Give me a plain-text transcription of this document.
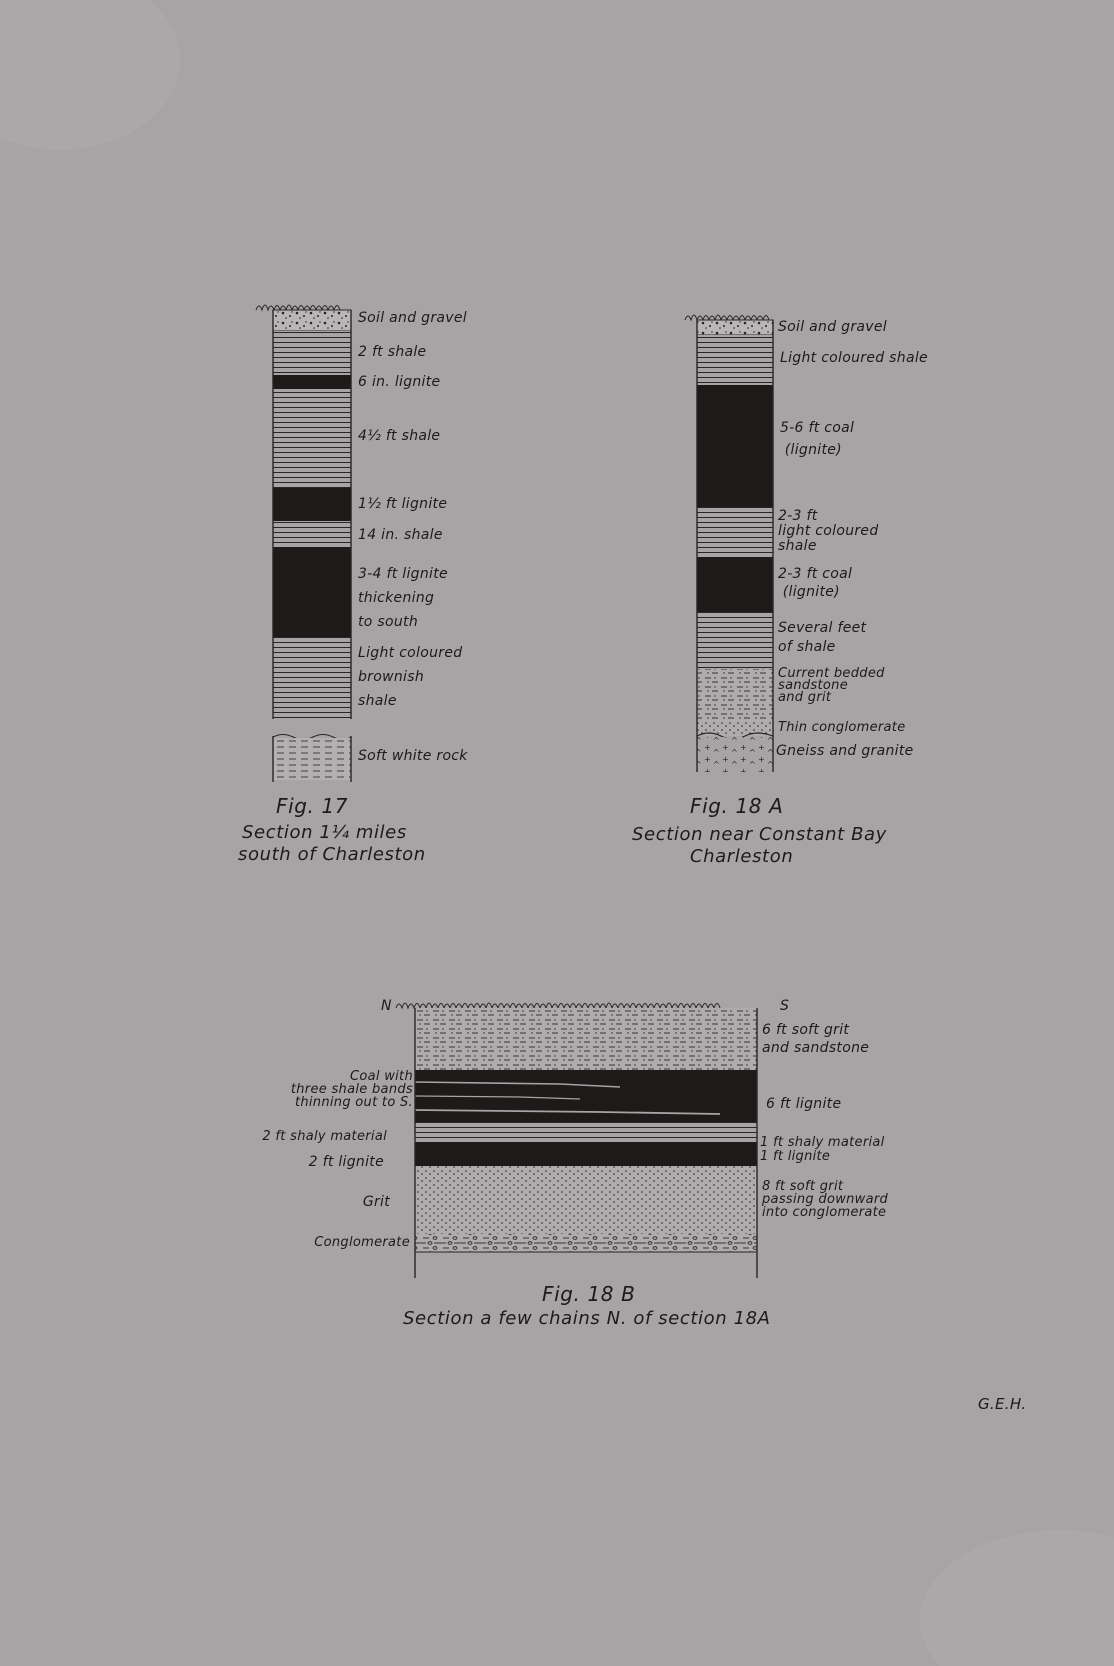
Soil and gravel
2 ft shale
6 in. lignite
4½ ft shale
1½ ft lignite
14 in. shale
3-4 ft lignite
thickening
to south
Light coloured
brownish
shale
Soft white rock
Fig. 17
Section 1¼ miles
south of Charleston
Soil and gravel
Light coloured shale
5-6 ft coal
(lignite)
2-3 ft
light coloured
shale
2-3 ft coal
(lignite)
Several feet
of shale
Current bedded
sandstone
and grit
Thin conglomerate
Gneiss and granite
Fig. 18 A
Section near Constant Bay
Charleston
N	S
Coal with
three shale bands
thinning out to S.
2 ft shaly material
2 ft lignite
Grit
Conglomerate
6 ft soft grit
and sandstone
6 ft lignite
1 ft shaly material
1 ft lignite
8 ft soft grit
passing downward
into conglomerate
Fig. 18 B
Section a few chains N. of section 18A
G.E.H.
